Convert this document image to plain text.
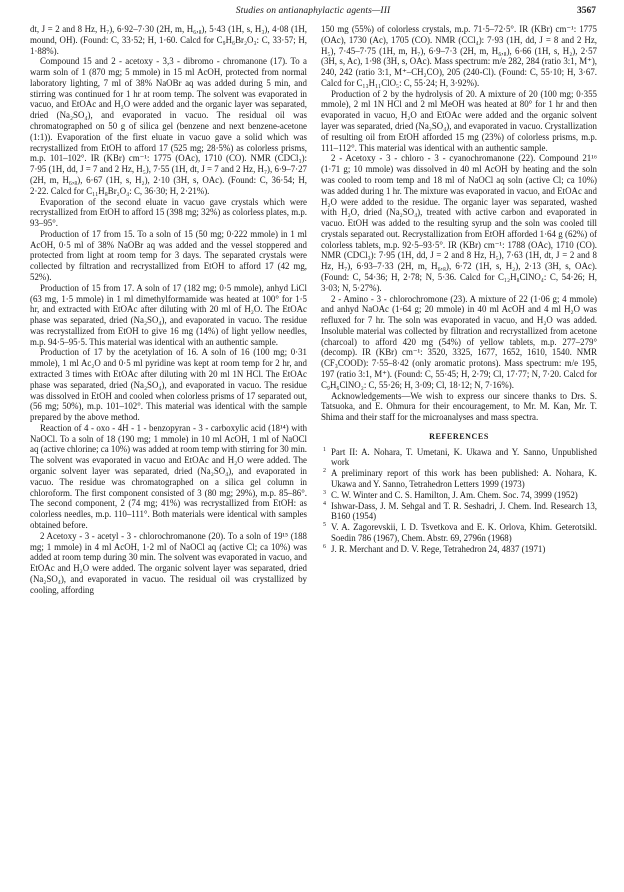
Studies on antianaphylactic agents—III	3567

dt, J = 2 and 8 Hz, H₇), 6·92–7·30 (2H, m, H₆,₈), 5·43 (1H, s, H₃), 4·08 (1H, mound, OH). (Found: C, 33·52; H, 1·60. Calcd for C₉H₆Br₂O₃: C, 33·57; H, 1·88%).

Compound 15 and 2 - acetoxy - 3,3 - dibromo - chromanone (17). To a warm soln of 1 (870 mg; 5 mmole) in 15 ml AcOH, protected from normal laboratory lighting, 7 ml of 38% NaOBr aq was added during 5 min, and stirring was continued for 1 hr at room temp. The solvent was evaporated in vacuo, and EtOAc and H₂O were added and the organic layer was separated, dried (Na₂SO₄), and evaporated in vacuo. The residual oil was chromatographed on 50 g of silica gel (benzene and next benzene-acetone (1:1)). Evaporation of the first eluate in vacuo gave a solid which was recrystallized from EtOH to afford 17 (525 mg; 28·5%) as colorless prisms, m.p. 101–102°. IR (KBr) cm⁻¹: 1775 (OAc), 1710 (CO). NMR (CDCl₃): 7·95 (1H, dd, J = 7 and 2 Hz, H₅), 7·55 (1H, dt, J = 7 and 2 Hz, H₇), 6·9–7·27 (2H, m, H₆,₈), 6·67 (1H, s, H₂), 2·10 (3H, s, OAc). (Found: C, 36·54; H, 2·22. Calcd for C₁₁H₈Br₂O₄: C, 36·30; H, 2·21%).

Evaporation of the second eluate in vacuo gave crystals which were recrystallized from EtOH to afford 15 (398 mg; 32%) as colorless plates, m.p. 93–95°.

Production of 17 from 15. To a soln of 15 (50 mg; 0·222 mmole) in 1 ml AcOH, 0·5 ml of 38% NaOBr aq was added and the vessel stoppered and protected from light at room temp for 3 days. The separated crystals were collected by filtration and recrystallized from EtOH to afford 17 (42 mg, 52%).

Production of 15 from 17. A soln of 17 (182 mg; 0·5 mmole), anhyd LiCl (63 mg, 1·5 mmole) in 1 ml dimethylformamide was heated at 100° for 1·5 hr, and extracted with EtOAc after diluting with 20 ml of H₂O. The EtOAc phase was separated, dried (Na₂SO₄), and evaporated in vacuo. The residue was recrystallized from EtOH to give 16 mg (14%) of light yellow needles, m.p. 94·5–95·5. This material was identical with an authentic sample.

Production of 17 by the acetylation of 16. A soln of 16 (100 mg; 0·31 mmole), 1 ml Ac₂O and 0·5 ml pyridine was kept at room temp for 2 hr, and extracted 3 times with EtOAc after diluting with 20 ml 1N HCl. The EtOAc phase was separated, dried (Na₂SO₄), and evaporated in vacuo. The residue was dissolved in EtOH and cooled when colorless prisms of 17 separated out, (56 mg; 50%), m.p. 101–102°. This material was identical with the sample prepared by the above method.

Reaction of 4 - oxo - 4H - 1 - benzopyran - 3 - carboxylic acid (18¹⁴) with NaOCl. To a soln of 18 (190 mg; 1 mmole) in 10 ml AcOH, 1 ml of NaOCl aq (active chlorine; ca 10%) was added at room temp with stirring for 30 min. The solvent was evaporated in vacuo and EtOAc and H₂O were added. The organic solvent layer was separated, dried (Na₂SO₄), and evaporated in vacuo. The residue was chromatographed on a silica gel column in chloroform. The first component consisted of 3 (80 mg; 29%), m.p. 85–86°. The second component, 2 (74 mg; 41%) was recrystallized from EtOH: as colorless needles, m.p. 110–111°. Both materials were identical with samples obtained before.

2 Acetoxy - 3 - acetyl - 3 - chlorochromanone (20). To a soln of 19¹⁵ (188 mg; 1 mmole) in 4 ml AcOH, 1·2 ml of NaOCl aq (active Cl; ca 10%) was added at room temp during 30 min. The solvent was evaporated in vacuo, and EtOAc and H₂O were added. The organic solvent layer was separated, dried (Na₂SO₄), and evaporated in vacuo. The residual oil was crystallized by cooling, affording

150 mg (55%) of colorless crystals, m.p. 71·5–72·5°. IR (KBr) cm⁻¹: 1775 (OAc), 1730 (Ac), 1705 (CO). NMR (CCl₄): 7·93 (1H, dd, J = 8 and 2 Hz, H₅), 7·45–7·75 (1H, m, H₇), 6·9–7·3 (2H, m, H₆,₈), 6·66 (1H, s, H₂), 2·57 (3H, s, Ac), 1·98 (3H, s, OAc). Mass spectrum: m/e 282, 284 (ratio 3:1, M⁺), 240, 242 (ratio 3:1, M⁺–CH₂CO), 205 (240-Cl). (Found: C, 55·10; H, 3·67. Calcd for C₁₃H₁₁ClO₅: C, 55·24; H, 3·92%).

Production of 2 by the hydrolysis of 20. A mixture of 20 (100 mg; 0·355 mmole), 2 ml 1N HCl and 2 ml MeOH was heated at 80° for 1 hr and then evaporated in vacuo, H₂O and EtOAc were added and the organic solvent layer was separated, dried (Na₂SO₄), and evaporated in vacuo. Crystallization of resulting oil from EtOH afforded 15 mg (23%) of colorless prisms, m.p. 111–112°. This material was identical with an authentic sample.

2 - Acetoxy - 3 - chloro - 3 - cyanochromanone (22). Compound 21¹⁶ (1·71 g; 10 mmole) was dissolved in 40 ml AcOH by heating and the soln was cooled to room temp and 18 ml of NaOCl aq soln (active Cl; ca 10%) was added during 1 hr. The mixture was evaporated in vacuo, and EtOAc and H₂O were added to the residue. The organic layer was separated, washed with H₂O, dried (Na₂SO₄), treated with active carbon and evaporated in vacuo. EtOH was added to the resulting syrup and the soln was cooled till crystals separated out. Recrystallization from EtOH afforded 1·64 g (62%) of colorless tablets, m.p. 92·5–93·5°. IR (KBr) cm⁻¹: 1788 (OAc), 1710 (CO). NMR (CDCl₃): 7·95 (1H, dd, J = 2 and 8 Hz, H₅), 7·63 (1H, dt, J = 2 and 8 Hz, H₇), 6·93–7·33 (2H, m, H₆,₈), 6·72 (1H, s, H₂), 2·13 (3H, s, OAc). (Found: C, 54·36; H, 2·78; N, 5·36. Calcd for C₁₂H₈ClNO₄: C, 54·26; H, 3·03; N, 5·27%).

2 - Amino - 3 - chlorochromone (23). A mixture of 22 (1·06 g; 4 mmole) and anhyd NaOAc (1·64 g; 20 mmole) in 40 ml AcOH and 4 ml H₂O was refluxed for 7 hr. The soln was evaporated in vacuo, and H₂O was added. Insoluble material was collected by filtration and recrystallized from acetone (charcoal) to afford 420 mg (54%) of yellow tablets, m.p. 277–279° (decomp). IR (KBr) cm⁻¹: 3520, 3325, 1677, 1652, 1610, 1540. NMR (CF₃COOD): 7·55–8·42 (only aromatic protons). Mass spectrum: m/e 195, 197 (ratio 3:1, M⁺). (Found: C, 55·45; H, 2·79; Cl, 17·77; N, 7·20. Calcd for C₉H₆ClNO₂: C, 55·26; H, 3·09; Cl, 18·12; N, 7·16%).

Acknowledgements—We wish to express our sincere thanks to Drs. S. Tatsuoka, and E. Ohmura for their encouragement, to Mr. M. Kan, Mr. T. Shima and their staff for the microanalyses and mass spectra.

REFERENCES
1 Part II: A. Nohara, T. Umetani, K. Ukawa and Y. Sanno, Unpublished work
2 A preliminary report of this work has been published: A. Nohara, K. Ukawa and Y. Sanno, Tetrahedron Letters 1999 (1973)
3 C. W. Winter and C. S. Hamilton, J. Am. Chem. Soc. 74, 3999 (1952)
4 Ishwar-Dass, J. M. Sehgal and T. R. Seshadri, J. Chem. Ind. Research 13, B160 (1954)
5 V. A. Zagorevskii, I. D. Tsvetkova and E. K. Orlova, Khim. Geterotsikl. Soedin 786 (1967), Chem. Abstr. 69, 2796n (1968)
6 J. R. Merchant and D. V. Rege, Tetrahedron 24, 4837 (1971)
